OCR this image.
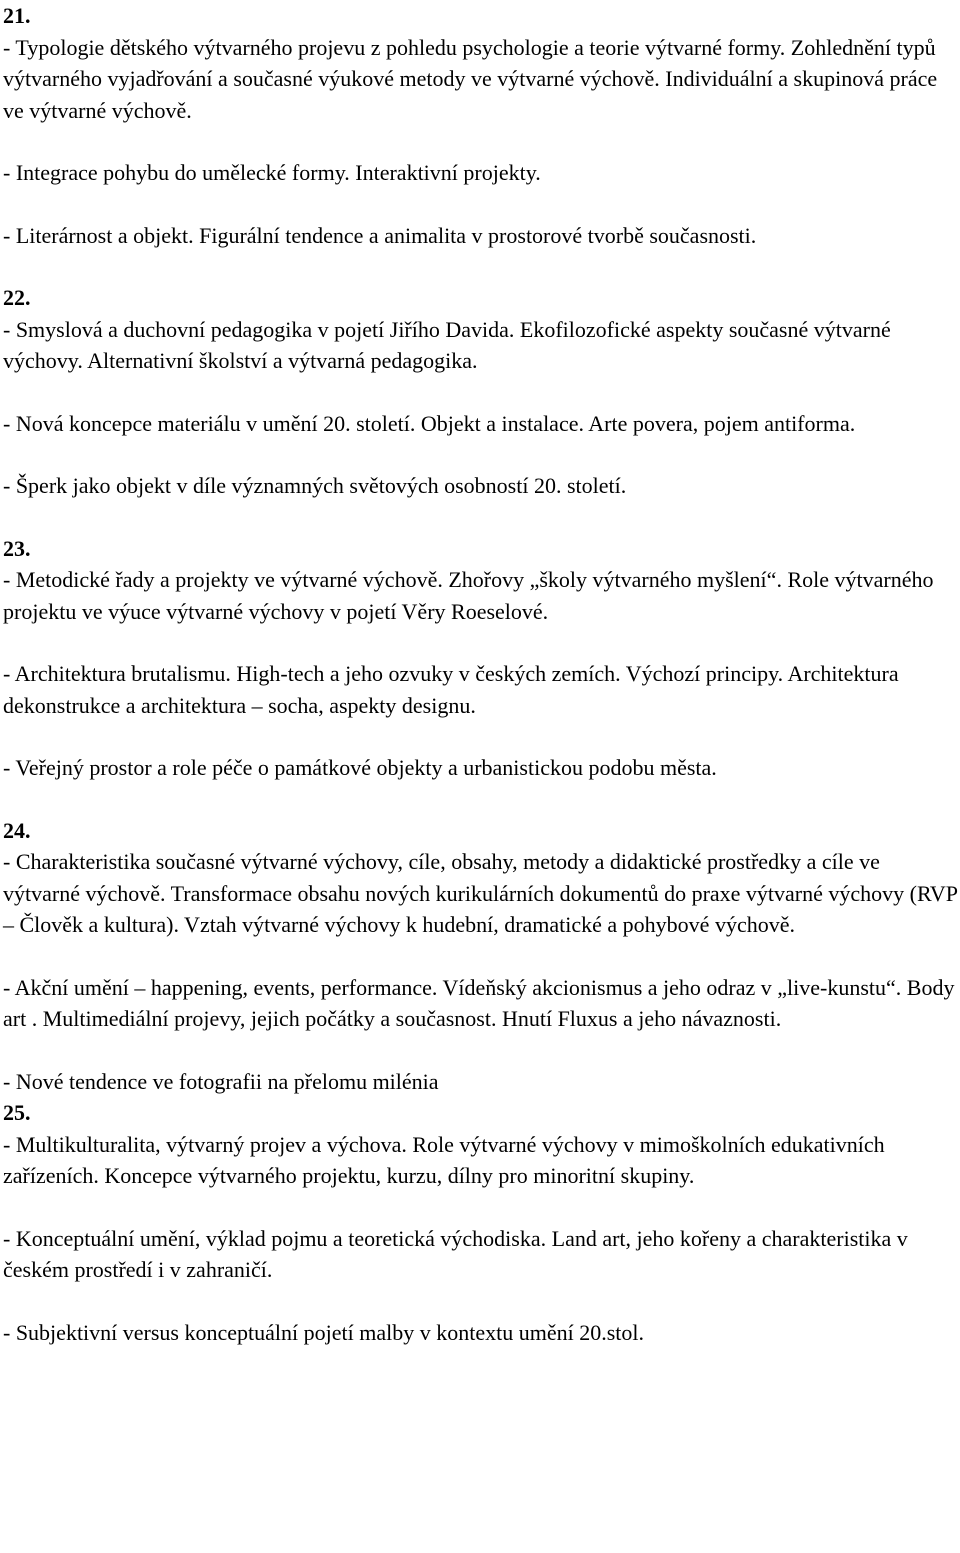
21.

- Typologie dětského výtvarného projevu z pohledu psychologie a teorie výtvarné formy. Zohlednění typů výtvarného vyjadřování a současné výukové metody ve výtvarné výchově. Individuální a skupinová práce ve výtvarné výchově.

- Integrace pohybu do umělecké formy. Interaktivní projekty.

- Literárnost a objekt. Figurální tendence a animalita v prostorové tvorbě současnosti.

22.

- Smyslová a duchovní pedagogika v pojetí Jiřího Davida. Ekofilozofické aspekty současné výtvarné výchovy. Alternativní školství a výtvarná pedagogika.

- Nová koncepce materiálu v umění 20. století. Objekt a instalace. Arte povera, pojem antiforma.

- Šperk jako objekt v díle významných světových osobností 20. století.

23.

- Metodické řady a projekty ve výtvarné výchově. Zhořovy „školy výtvarného myšlení“. Role výtvarného projektu ve výuce výtvarné výchovy v pojetí Věry Roeselové.

- Architektura brutalismu. High-tech a jeho ozvuky v českých zemích. Výchozí principy. Architektura dekonstrukce a architektura – socha, aspekty designu.

- Veřejný prostor a role péče o památkové objekty a urbanistickou podobu města.

24.

- Charakteristika současné výtvarné výchovy, cíle, obsahy, metody a didaktické prostředky a cíle ve výtvarné výchově. Transformace obsahu nových kurikulárních dokumentů do praxe výtvarné výchovy (RVP – Člověk a kultura). Vztah výtvarné výchovy k hudební, dramatické a pohybové výchově.

- Akční umění – happening, events, performance. Vídeňský akcionismus a jeho odraz v „live-kunstu“. Body art . Multimediální projevy, jejich počátky a současnost. Hnutí Fluxus a jeho návaznosti.

- Nové tendence ve fotografii na přelomu milénia

25.

- Multikulturalita, výtvarný projev a výchova. Role výtvarné výchovy v mimoškolních edukativních zařízeních. Koncepce výtvarného projektu, kurzu, dílny pro minoritní skupiny.

- Konceptuální umění, výklad pojmu a teoretická východiska. Land art, jeho kořeny a charakteristika v českém prostředí i v zahraničí.

- Subjektivní versus konceptuální pojetí malby v kontextu umění 20.stol.
